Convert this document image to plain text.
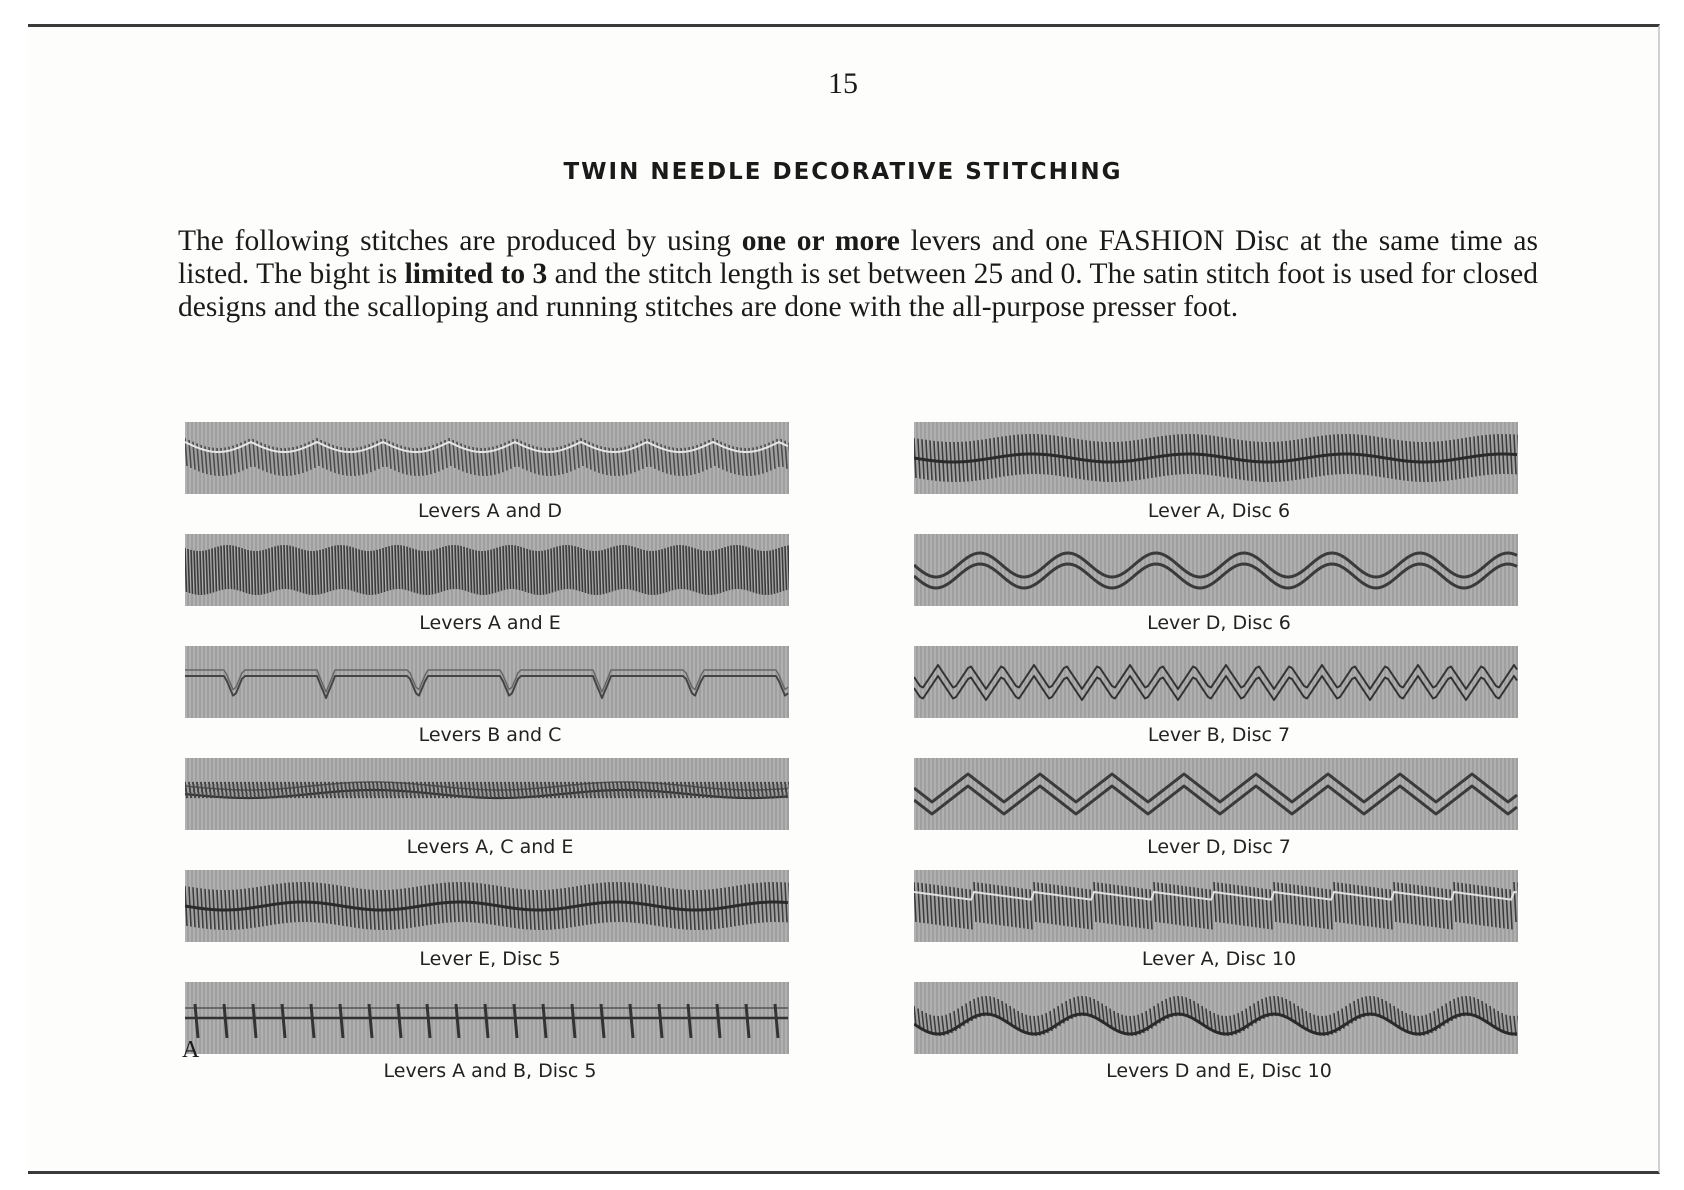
15
TWIN NEEDLE DECORATIVE STITCHING
The following stitches are produced by using one or more levers and one FASHION Disc at the same time as listed. The bight is limited to 3 and the stitch length is set between 25 and 0. The satin stitch foot is used for closed designs and the scalloping and running stitches are done with the all-purpose presser foot.
Levers A and D
Levers A and E
Levers B and C
Levers A, C and E
Lever E, Disc 5
Levers A and B, Disc 5
Lever A, Disc 6
Lever D, Disc 6
Lever B, Disc 7
Lever D, Disc 7
Lever A, Disc 10
Levers D and E, Disc 10
A
